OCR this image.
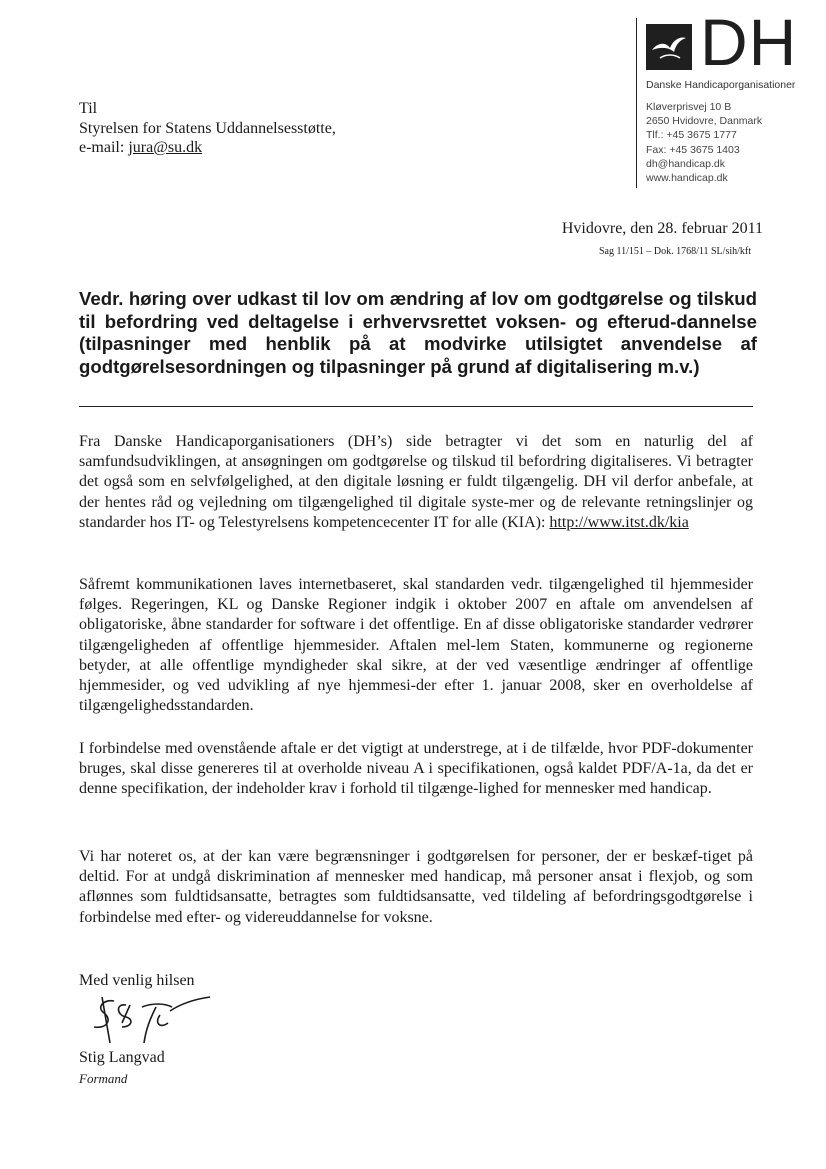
DH
Danske Handicaporganisationer
Kløverprisvej 10 B
2650 Hvidovre, Danmark
Tlf.: +45 3675 1777
Fax: +45 3675 1403
dh@handicap.dk
www.handicap.dk
Til
Styrelsen for Statens Uddannelsesstøtte,
e-mail: jura@su.dk
Hvidovre, den 28. februar 2011
Sag 11/151 – Dok. 1768/11 SL/sih/kft
Vedr. høring over udkast til lov om ændring af lov om godtgørelse og tilskud til befordring ved deltagelse i erhvervsrettet voksen- og efterud-dannelse (tilpasninger med henblik på at modvirke utilsigtet anvendelse af godtgørelsesordningen og tilpasninger på grund af digitalisering m.v.)
Fra Danske Handicaporganisationers (DH’s) side betragter vi det som en naturlig del af samfundsudviklingen, at ansøgningen om godtgørelse og tilskud til befordring digitaliseres. Vi betragter det også som en selvfølgelighed, at den digitale løsning er fuldt tilgængelig. DH vil derfor anbefale, at der hentes råd og vejledning om tilgængelighed til digitale syste-mer og de relevante retningslinjer og standarder hos IT- og Telestyrelsens kompetencecenter IT for alle (KIA): http://www.itst.dk/kia
Såfremt kommunikationen laves internetbaseret, skal standarden vedr. tilgængelighed til hjemmesider følges. Regeringen, KL og Danske Regioner indgik i oktober 2007 en aftale om anvendelsen af obligatoriske, åbne standarder for software i det offentlige. En af disse obligatoriske standarder vedrører tilgængeligheden af offentlige hjemmesider. Aftalen mel-lem Staten, kommunerne og regionerne betyder, at alle offentlige myndigheder skal sikre, at der ved væsentlige ændringer af offentlige hjemmesider, og ved udvikling af nye hjemmesi-der efter 1. januar 2008, sker en overholdelse af tilgængelighedsstandarden.
I forbindelse med ovenstående aftale er det vigtigt at understrege, at i de tilfælde, hvor PDF-dokumenter bruges, skal disse genereres til at overholde niveau A i specifikationen, også kaldet PDF/A-1a, da det er denne specifikation, der indeholder krav i forhold til tilgænge-lighed for mennesker med handicap.
Vi har noteret os, at der kan være begrænsninger i godtgørelsen for personer, der er beskæf-tiget på deltid. For at undgå diskrimination af mennesker med handicap, må personer ansat i flexjob, og som aflønnes som fuldtidsansatte, betragtes som fuldtidsansatte, ved tildeling af befordringsgodtgørelse i forbindelse med efter- og videreuddannelse for voksne.
Med venlig hilsen
Stig Langvad
Formand
